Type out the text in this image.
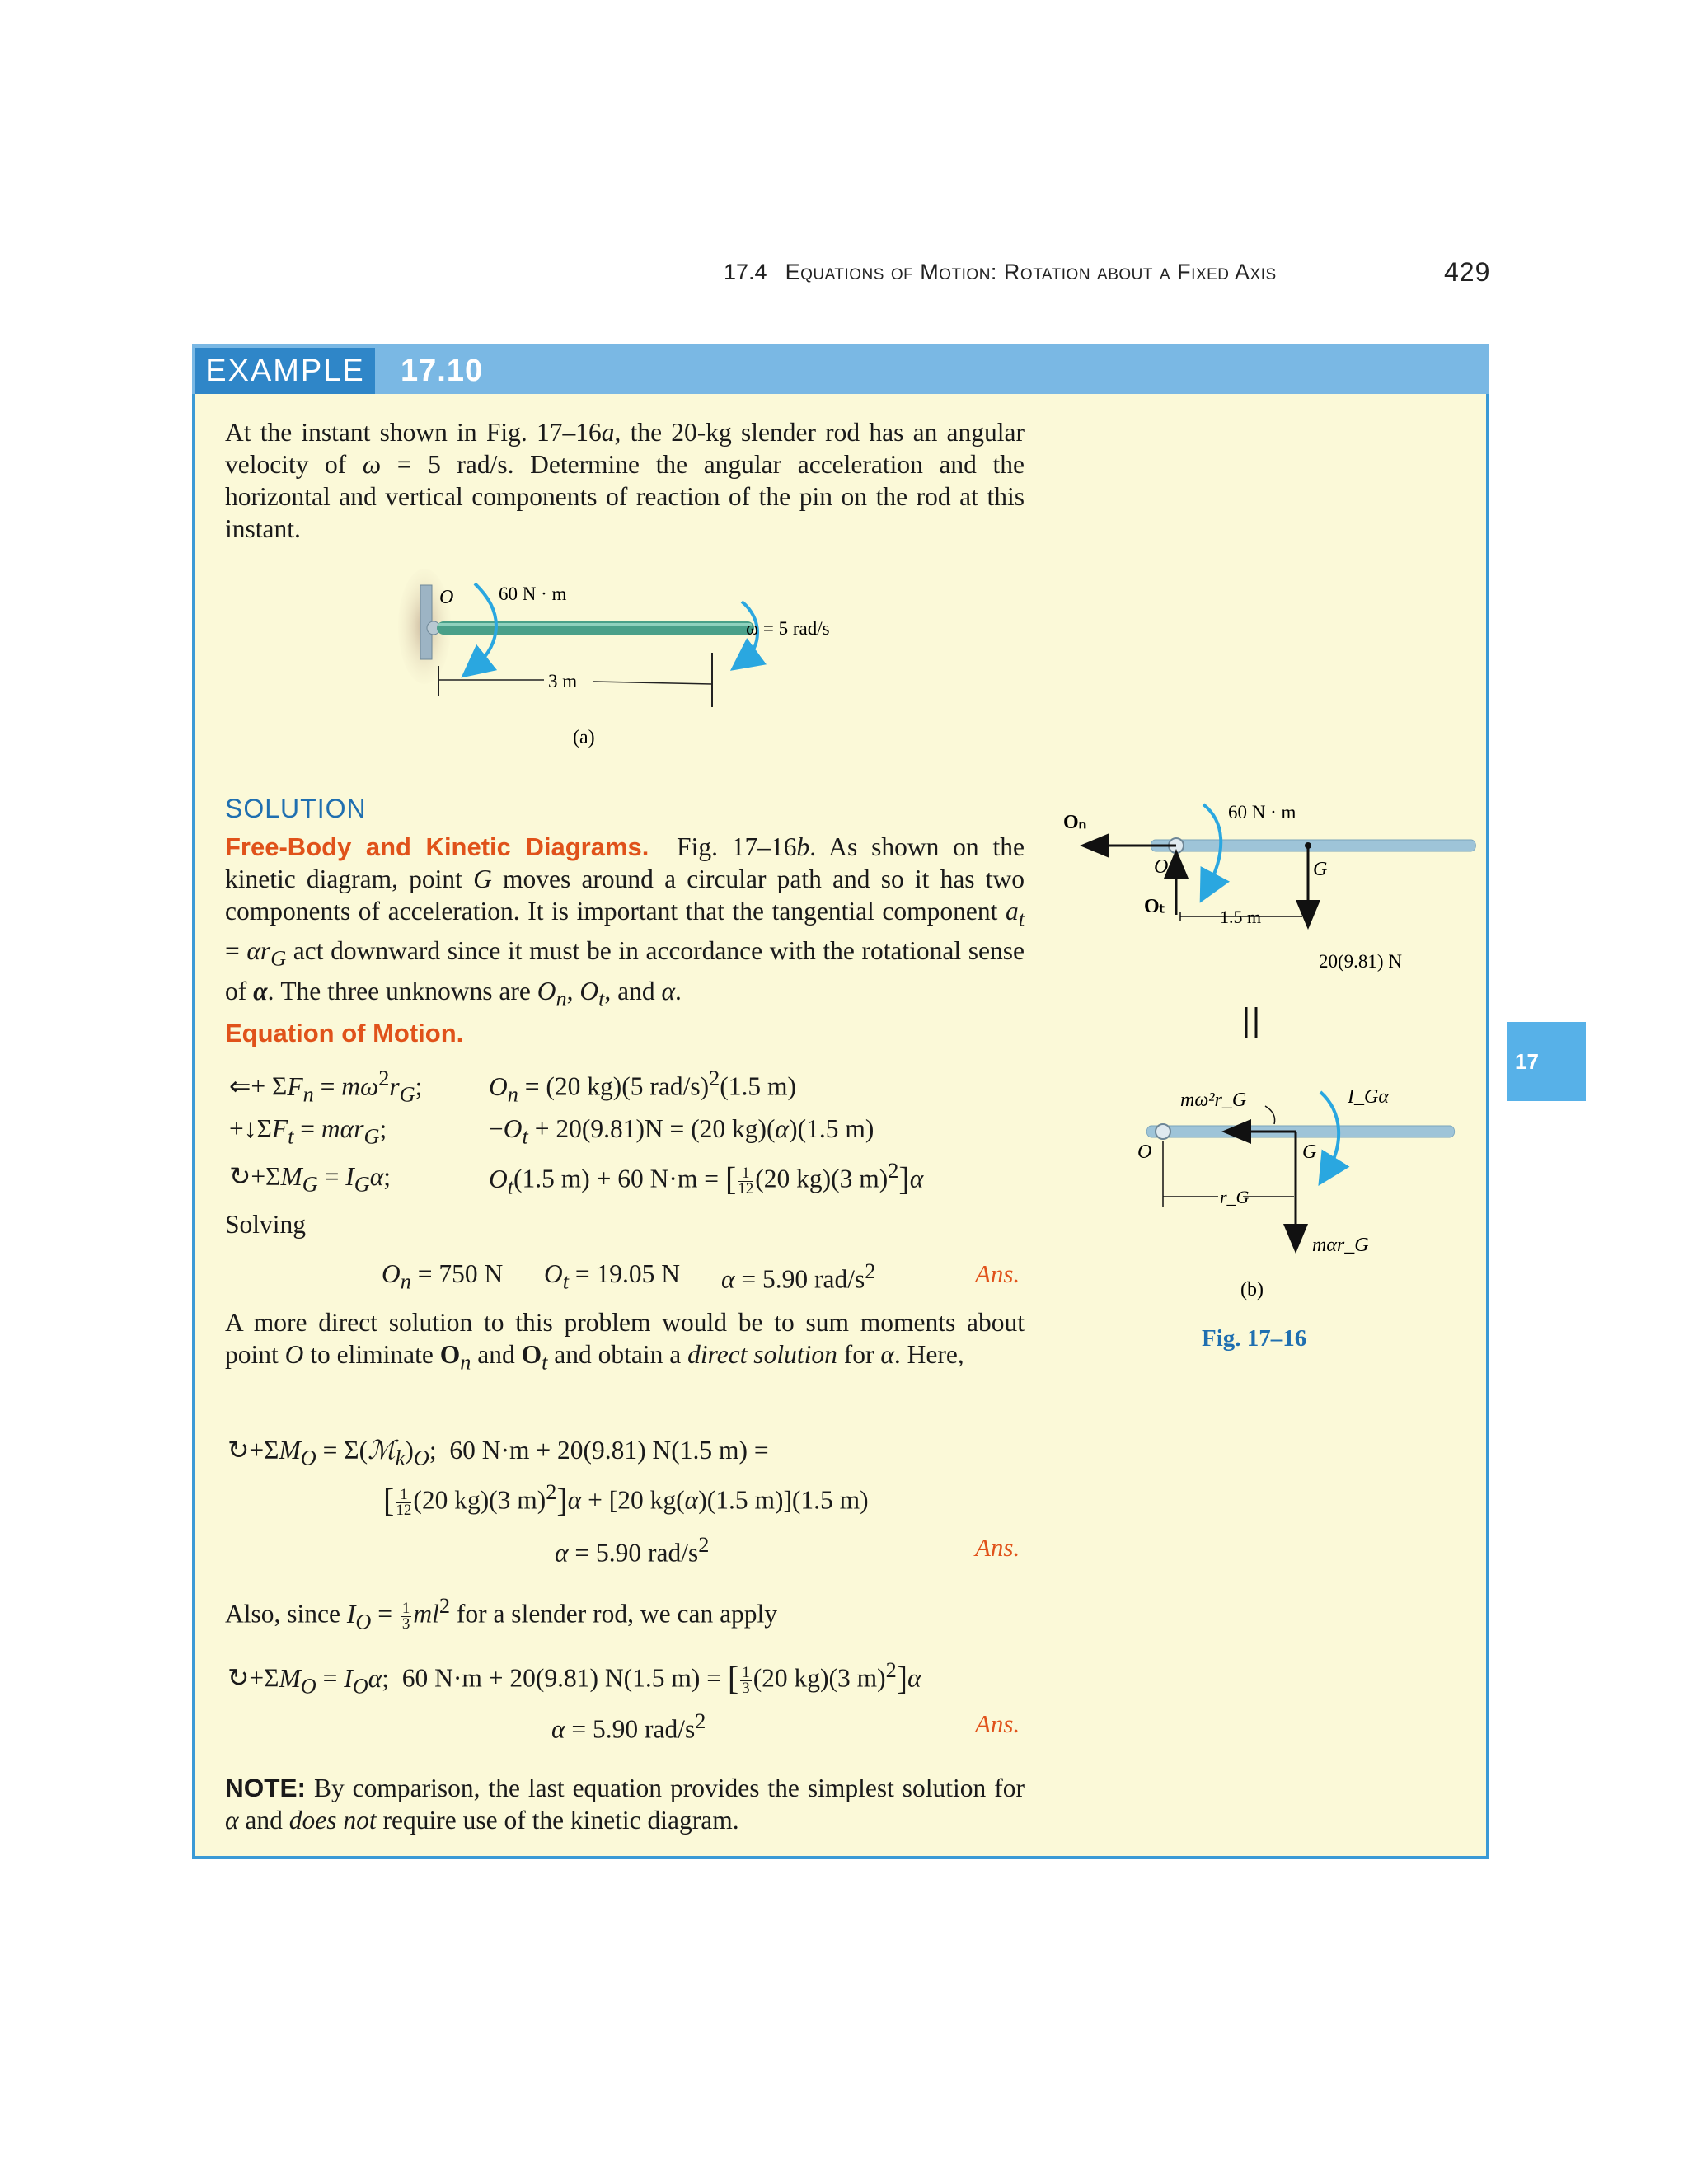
17.4 Equations of Motion: Rotation about a Fixed Axis	429
EXAMPLE	17.10
At the instant shown in Fig. 17–16a, the 20-kg slender rod has an angular velocity of ω = 5 rad/s. Determine the angular acceleration and the horizontal and vertical components of reaction of the pin on the rod at this instant.
O 60 N · m
ω = 5 rad/s
3 m
(a)
SOLUTION
Free-Body and Kinetic Diagrams.  Fig. 17–16b. As shown on the kinetic diagram, point G moves around a circular path and so it has two components of acceleration. It is important that the tangential component $a_t = \alpha r_G$ act downward since it must be in accordance with the rotational sense of α. The three unknowns are $O_n$, $O_t$, and α.
Equation of Motion.
⇐+ $\Sigma F_n = m\omega^2r_G$;	$O_n = (20$ kg)(5 rad/s)$^2$(1.5 m)
$+↓\Sigma F_t = m\alpha r_G$;	$-O_t + 20(9.81)N = (20$ kg)(α)(1.5 m)
$↻+\Sigma M_G = I_G\alpha$;	$O_t(1.5$ m) + 60 N·m = [ $\frac{1}{12} (20$ kg)(3 m)$^2$]α
Solving
$O_n = 750$ N $O_t = 19.05$ N α = 5.90 rad/$s^2$	Ans.
A more direct solution to this problem would be to sum moments about point O to eliminate $O_n$ and $O_t$ and obtain a direct solution for α. Here,
$↻+\Sigma M_O$ = $\Sigma(ℳ_k)_O$;  60 N·m + 20(9.81) N(1.5 m) =
[ $\frac{1}{12} (20$ kg)(3 m)$^2$]α + [20 kg(α)(1.5 m)](1.5 m)
α = 5.90 rad/$s^2$	Ans.
Also, since $I_O = \frac{1}{3} ml^2$ for a slender rod, we can apply
$↻+\Sigma M_O = I_O\alpha$;  60 N·m + 20(9.81) N(1.5 m) = [ $\frac{1}{3} (20$ kg)(3 m)$^2$]α
α = 5.90 rad/$s^2$	Ans.
NOTE: By comparison, the last equation provides the simplest solution for α and does not require use of the kinetic diagram.
Oₙ
O
Oₜ
G
60 N · m
1.5 m
20(9.81) N
mω²r_G	I_Gα
O	G
r_G
mαr_G
(b)
Fig. 17–16
17
